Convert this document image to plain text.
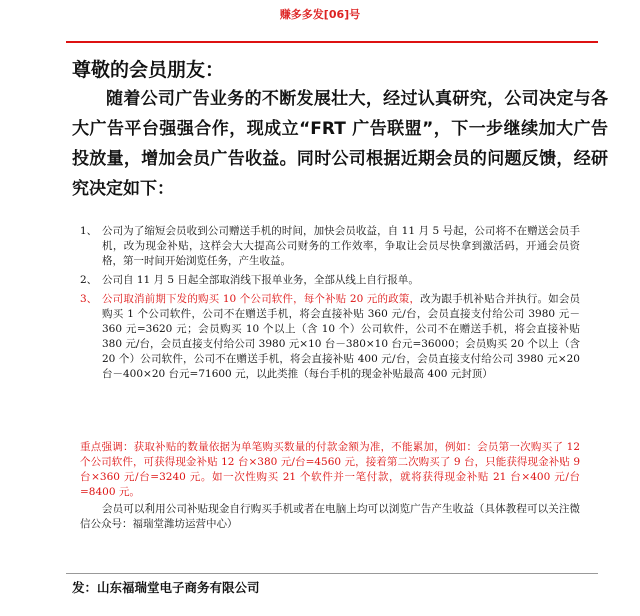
赚多多发[06]号
尊敬的会员朋友：
随着公司广告业务的不断发展壮大，经过认真研究，公司决定与各大广告平台强强合作，现成立“FRT 广告联盟”，下一步继续加大广告投放量，增加会员广告收益。同时公司根据近期会员的问题反馈，经研究决定如下：
1、 公司为了缩短会员收到公司赠送手机的时间，加快会员收益，自 11 月 5 号起，公司将不在赠送会员手机，改为现金补贴，这样会大大提高公司财务的工作效率，争取让会员尽快拿到激活码，开通会员资格，第一时间开始浏览任务，产生收益。
2、 公司自 11 月 5 日起全部取消线下报单业务，全部从线上自行报单。
3、 公司取消前期下发的购买 10 个公司软件，每个补贴 20 元的政策，改为跟手机补贴合并执行。如会员购买 1 个公司软件，公司不在赠送手机，将会直接补贴 360 元/台，会员直接支付给公司 3980 元－360 元=3620 元；会员购买 10 个以上（含 10 个）公司软件，公司不在赠送手机，将会直接补贴 380 元/台，会员直接支付给公司 3980 元×10 台－380×10 台元=36000；会员购买 20 个以上（含 20 个）公司软件，公司不在赠送手机，将会直接补贴 400 元/台，会员直接支付给公司 3980 元×20 台－400×20 台元=71600 元，以此类推（每台手机的现金补贴最高 400 元封顶）
重点强调：获取补贴的数量依据为单笔购买数量的付款金额为准，不能累加，例如：会员第一次购买了 12 个公司软件，可获得现金补贴 12 台×380 元/台=4560 元，接着第二次购买了 9 台，只能获得现金补贴 9 台×360 元/台=3240 元。如一次性购买 21 个软件并一笔付款，就将获得现金补贴 21 台×400 元/台=8400 元。
会员可以利用公司补贴现金自行购买手机或者在电脑上均可以浏览广告产生收益（具体教程可以关注微信公众号：福瑞堂潍坊运营中心）
发：山东福瑞堂电子商务有限公司
